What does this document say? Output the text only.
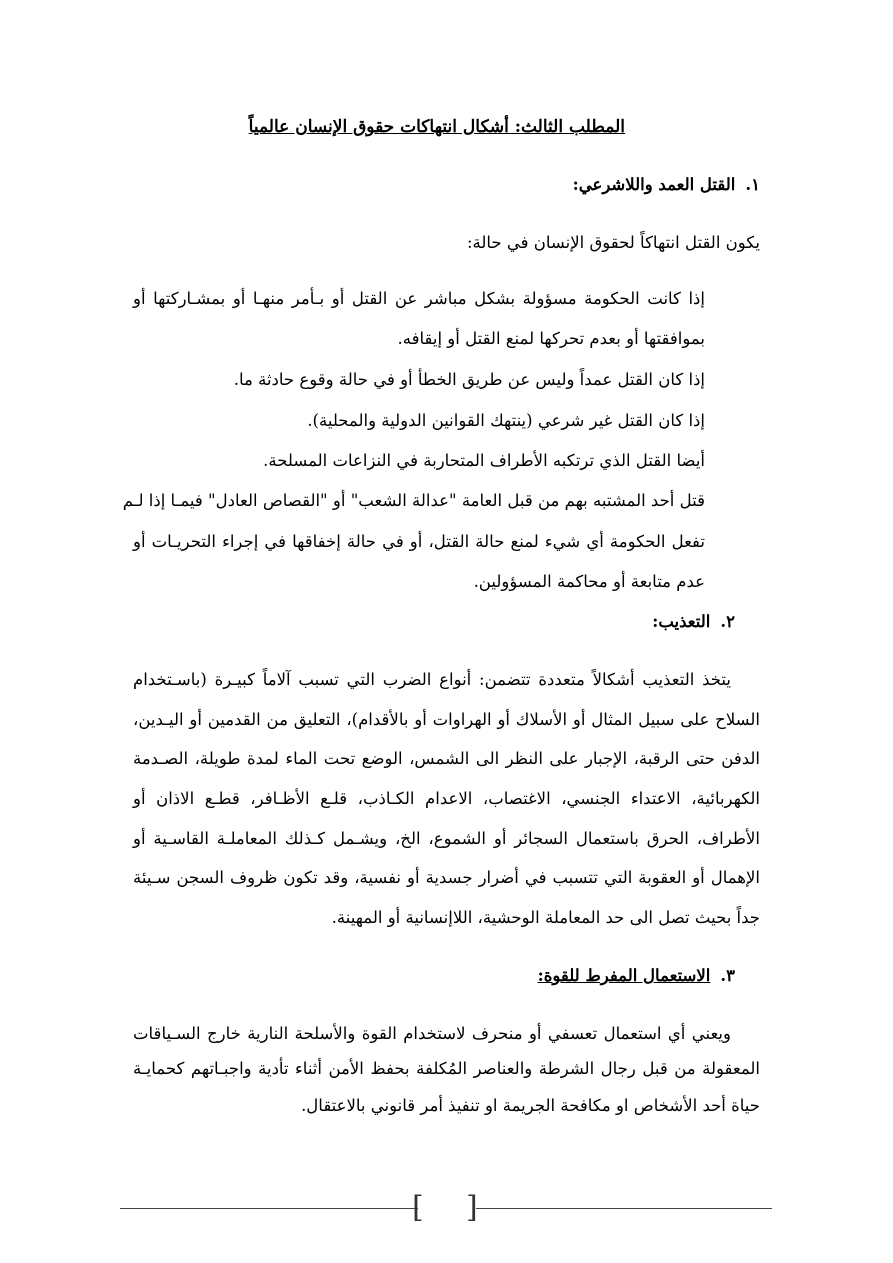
المطلب الثالث: أشكال انتهاكات حقوق الإنسان عالمياً
١.القتل العمد واللاشرعي:
يكون القتل انتهاكاً لحقوق الإنسان في حالة:
إذا كانت الحكومة مسؤولة بشكل مباشر عن القتل أو بـأمر منهـا أو بمشـاركتها أو
بموافقتها أو بعدم تحركها لمنع القتل أو إيقافه.
إذا كان القتل عمداً وليس عن طريق الخطأ أو في حالة وقوع حادثة ما.
إذا كان القتل غير شرعي (ينتهك القوانين الدولية والمحلية).
أيضا القتل الذي ترتكبه الأطراف المتحاربة في النزاعات المسلحة.
قتل أحد المشتبه بهم من قبل العامة "عدالة الشعب" أو "القصاص العادل" فيمـا إذا لـم
تفعل الحكومة أي شيء لمنع حالة القتل، أو في حالة إخفاقها في إجراء التحريـات أو
عدم متابعة أو محاكمة المسؤولين.
٢.التعذيب:
يتخذ التعذيب أشكالاً متعددة تتضمن: أنواع الضرب التي تسبب آلاماً كبيـرة (باسـتخدام
السلاح على سبيل المثال أو الأسلاك أو الهراوات أو بالأقدام)، التعليق من القدمين أو اليـدين،
الدفن حتى الرقبة، الإجبار على النظر الى الشمس، الوضع تحت الماء لمدة طويلة، الصـدمة
الكهربائية، الاعتداء الجنسي، الاغتصاب، الاعدام الكـاذب، قلـع الأظـافر، قطـع الاذان أو
الأطراف، الحرق باستعمال السجائر أو الشموع، الخ، ويشـمل كـذلك المعاملـة القاسـية أو
الإهمال أو العقوبة التي تتسبب في أضرار جسدية أو نفسية، وقد تكون ظروف السجن سـيئة
جداً بحيث تصل الى حد المعاملة الوحشية، اللاإنسانية أو المهينة.
٣.الاستعمال المفرط للقوة:
ويعني أي استعمال تعسفي أو منحرف لاستخدام القوة والأسلحة النارية خارج السـياقات
المعقولة من قبل رجال الشرطة والعناصر المُكلفة بحفظ الأمن أثناء تأدية واجبـاتهم كحمايـة
حياة أحد الأشخاص او مكافحة الجريمة او تنفيذ أمر قانوني بالاعتقال.
[ ]
